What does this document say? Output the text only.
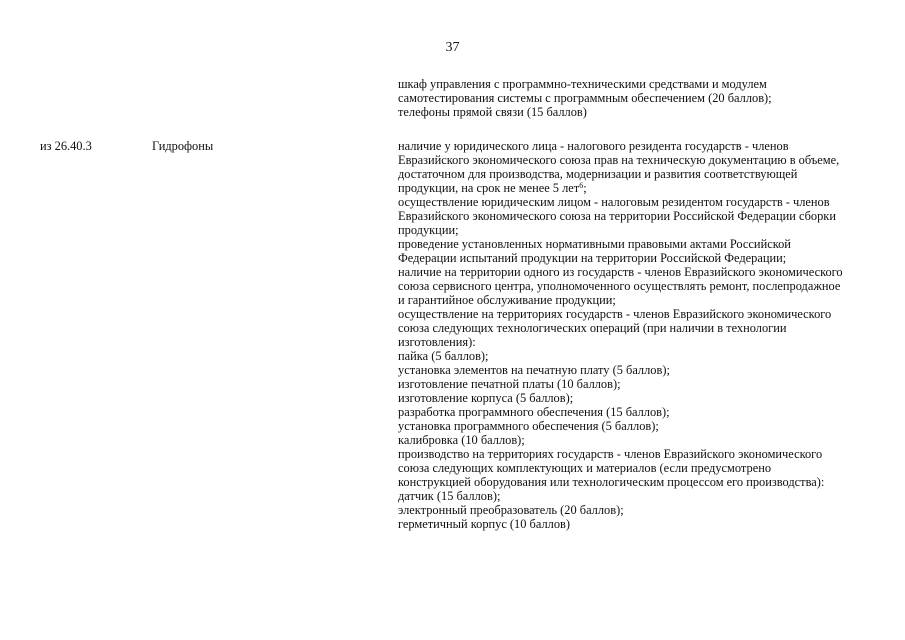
37
шкаф управления с программно-техническими средствами и модулем
самотестирования системы с программным обеспечением (20 баллов);
телефоны прямой связи (15 баллов)
из 26.40.3	Гидрофоны	наличие у юридического лица - налогового резидента государств - членов
Евразийского экономического союза прав на техническую документацию в объеме,
достаточном для производства, модернизации и развития соответствующей
продукции, на срок не менее 5 лет$^6$;
осуществление юридическим лицом - налоговым резидентом государств - членов
Евразийского экономического союза на территории Российской Федерации сборки
продукции;
проведение установленных нормативными правовыми актами Российской
Федерации испытаний продукции на территории Российской Федерации;
наличие на территории одного из государств - членов Евразийского экономического
союза сервисного центра, уполномоченного осуществлять ремонт, послепродажное
и гарантийное обслуживание продукции;
осуществление на территориях государств - членов Евразийского экономического
союза следующих технологических операций (при наличии в технологии
изготовления):
пайка (5 баллов);
установка элементов на печатную плату (5 баллов);
изготовление печатной платы (10 баллов);
изготовление корпуса (5 баллов);
разработка программного обеспечения (15 баллов);
установка программного обеспечения (5 баллов);
калибровка (10 баллов);
производство на территориях государств - членов Евразийского экономического
союза следующих комплектующих и материалов (если предусмотрено
конструкцией оборудования или технологическим процессом его производства):
датчик (15 баллов);
электронный преобразователь (20 баллов);
герметичный корпус (10 баллов)
